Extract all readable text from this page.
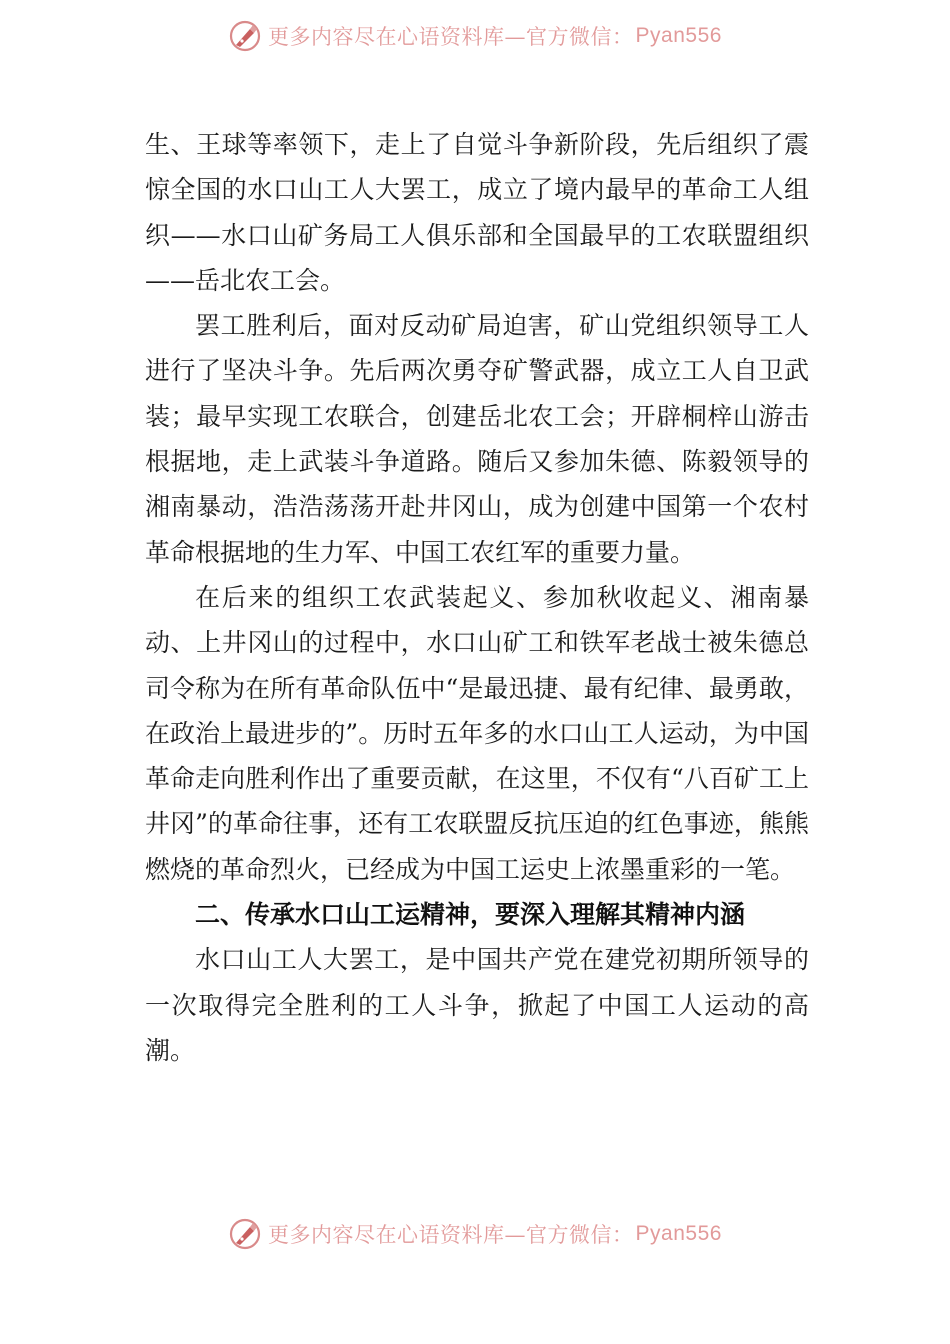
更多内容尽在心语资料库—官方微信： Pyan556

生、王球等率领下，走上了自觉斗争新阶段，先后组织了震惊全国的水口山工人大罢工，成立了境内最早的革命工人组织——水口山矿务局工人俱乐部和全国最早的工农联盟组织——岳北农工会。

罢工胜利后，面对反动矿局迫害，矿山党组织领导工人进行了坚决斗争。先后两次勇夺矿警武器，成立工人自卫武装；最早实现工农联合，创建岳北农工会；开辟桐梓山游击根据地，走上武装斗争道路。随后又参加朱德、陈毅领导的湘南暴动，浩浩荡荡开赴井冈山，成为创建中国第一个农村革命根据地的生力军、中国工农红军的重要力量。

在后来的组织工农武装起义、参加秋收起义、湘南暴动、上井冈山的过程中，水口山矿工和铁军老战士被朱德总司令称为在所有革命队伍中“是最迅捷、最有纪律、最勇敢，在政治上最进步的”。历时五年多的水口山工人运动，为中国革命走向胜利作出了重要贡献，在这里，不仅有“八百矿工上井冈”的革命往事，还有工农联盟反抗压迫的红色事迹，熊熊燃烧的革命烈火，已经成为中国工运史上浓墨重彩的一笔。

二、传承水口山工运精神，要深入理解其精神内涵

水口山工人大罢工，是中国共产党在建党初期所领导的一次取得完全胜利的工人斗争，掀起了中国工人运动的高潮。

更多内容尽在心语资料库—官方微信： Pyan556
